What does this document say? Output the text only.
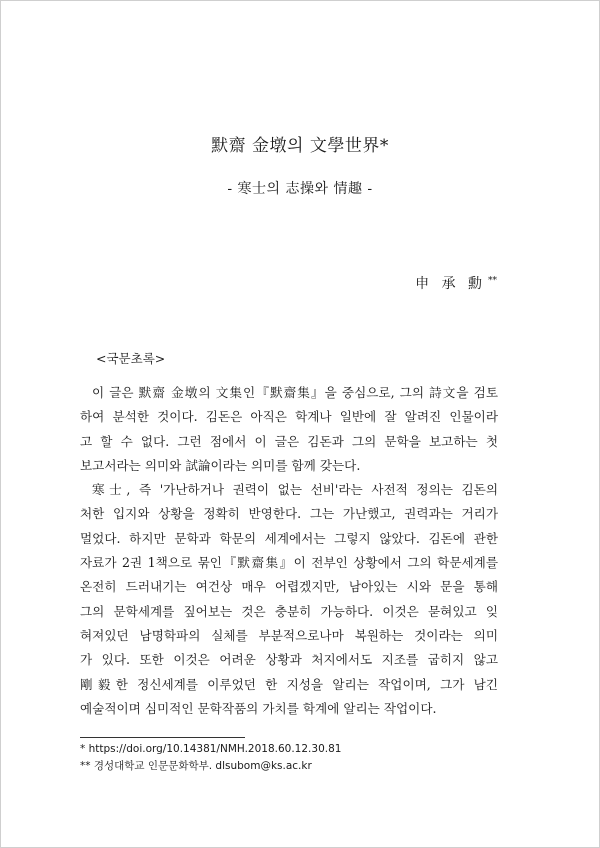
默齋 金墩의 文學世界*
- 寒士의 志操와 情趣 -
申 承 勳 **
<국문초록>
이 글은 默齋 金墩의 文集인『默齋集』을 중심으로, 그의 詩文을 검토
하여 분석한 것이다. 김돈은 아직은 학계나 일반에 잘 알려진 인물이라
고 할 수 없다. 그런 점에서 이 글은 김돈과 그의 문학을 보고하는 첫
보고서라는 의미와 試論이라는 의미를 함께 갖는다.
寒士, 즉 '가난하거나 권력이 없는 선비'라는 사전적 정의는 김돈의
처한 입지와 상황을 정확히 반영한다. 그는 가난했고, 권력과는 거리가
멀었다. 하지만 문학과 학문의 세계에서는 그렇지 않았다. 김돈에 관한
자료가 2권 1책으로 묶인『默齋集』이 전부인 상황에서 그의 학문세계를
온전히 드러내기는 여건상 매우 어렵겠지만, 남아있는 시와 문을 통해
그의 문학세계를 짚어보는 것은 충분히 가능하다. 이것은 묻혀있고 잊
혀져있던 남명학파의 실체를 부분적으로나마 복원하는 것이라는 의미
가 있다. 또한 이것은 어려운 상황과 처지에서도 지조를 굽히지 않고
剛毅한 정신세계를 이루었던 한 지성을 알리는 작업이며, 그가 남긴
예술적이며 심미적인 문학작품의 가치를 학계에 알리는 작업이다.
* https://doi.org/10.14381/NMH.2018.60.12.30.81
** 경성대학교 인문문화학부. dlsubom@ks.ac.kr
